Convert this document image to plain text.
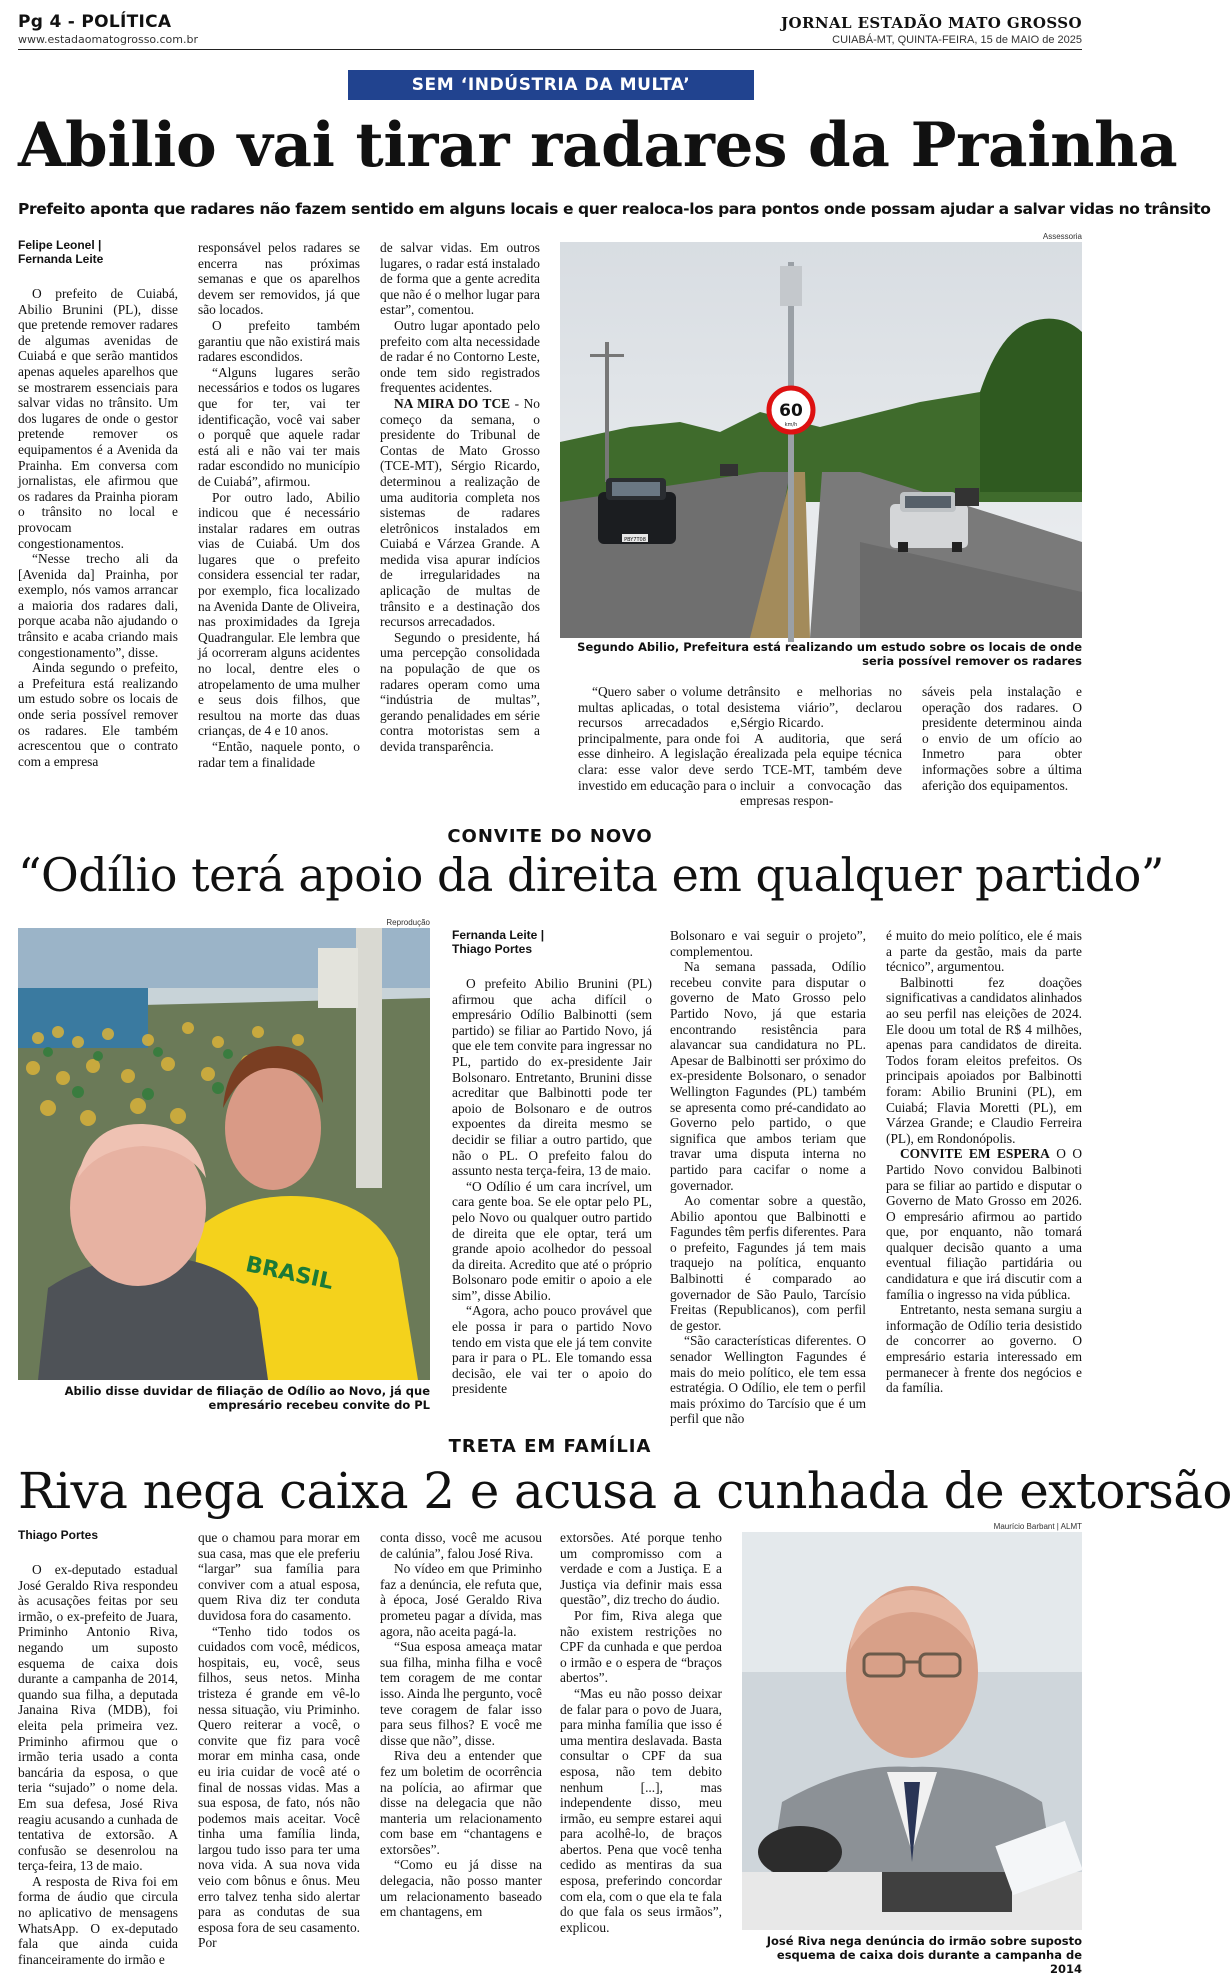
Pg 4 - POLÍTICA
www.estadaomatogrosso.com.br
JORNAL ESTADÃO MATO GROSSO
CUIABÁ-MT, QUINTA-FEIRA, 15 de MAIO de 2025
SEM ‘INDÚSTRIA DA MULTA’
Abilio vai tirar radares da Prainha
Prefeito aponta que radares não fazem sentido em alguns locais e quer realoca-los para pontos onde possam ajudar a salvar vidas no trânsito
Felipe Leonel |
Fernanda Leite

O prefeito de Cuiabá, Abilio Brunini (PL), disse que pretende remover radares de algumas avenidas de Cuiabá e que serão mantidos apenas aqueles aparelhos que se mostrarem essenciais para salvar vidas no trânsito. Um dos lugares de onde o gestor pretende remover os equipamentos é a Avenida da Prainha. Em conversa com jornalistas, ele afirmou que os radares da Prainha pioram o trânsito no local e provocam congestionamentos.

“Nesse trecho ali da [Avenida da] Prainha, por exemplo, nós vamos arrancar a maioria dos radares dali, porque acaba não ajudando o trânsito e acaba criando mais congestionamento”, disse.

Ainda segundo o prefeito, a Prefeitura está realizando um estudo sobre os locais de onde seria possível remover os radares. Ele também acrescentou que o contrato com a empresa

responsável pelos radares se encerra nas próximas semanas e que os aparelhos devem ser removidos, já que são locados.

O prefeito também garantiu que não existirá mais radares escondidos.

“Alguns lugares serão necessários e todos os lugares que for ter, vai ter identificação, você vai saber o porquê que aquele radar está ali e não vai ter mais radar escondido no município de Cuiabá”, afirmou.

Por outro lado, Abilio indicou que é necessário instalar radares em outras vias de Cuiabá. Um dos lugares que o prefeito considera essencial ter radar, por exemplo, fica localizado na Avenida Dante de Oliveira, nas proximidades da Igreja Quadrangular. Ele lembra que já ocorreram alguns acidentes no local, dentre eles o atropelamento de uma mulher e seus dois filhos, que resultou na morte das duas crianças, de 4 e 10 anos.

“Então, naquele ponto, o radar tem a finalidade

de salvar vidas. Em outros lugares, o radar está instalado de forma que a gente acredita que não é o melhor lugar para estar”, comentou.

Outro lugar apontado pelo prefeito com alta necessidade de radar é no Contorno Leste, onde tem sido registrados frequentes acidentes.

NA MIRA DO TCE - No começo da semana, o presidente do Tribunal de Contas de Mato Grosso (TCE-MT), Sérgio Ricardo, determinou a realização de uma auditoria completa nos sistemas de radares eletrônicos instalados em Cuiabá e Várzea Grande. A medida visa apurar indícios de irregularidades na aplicação de multas de trânsito e a destinação dos recursos arrecadados.

Segundo o presidente, há uma percepção consolidada na população de que os radares operam como uma “indústria de multas”, gerando penalidades em série contra motoristas sem a devida transparência.

Assessoria
60
km/h
PBY7T08
Segundo Abilio, Prefeitura está realizando um estudo sobre os locais de onde seria possível remover os radares

“Quero saber o volume de multas aplicadas, o total de recursos arrecadados e, principalmente, para onde foi esse dinheiro. A legislação é clara: esse valor deve ser investido em educação para o

trânsito e melhorias no sistema viário”, declarou Sérgio Ricardo.

A auditoria, que será realizada pela equipe técnica do TCE-MT, também deve incluir a convocação das empresas respon-

sáveis pela instalação e operação dos radares. O presidente determinou ainda o envio de um ofício ao Inmetro para obter informações sobre a última aferição dos equipamentos.

CONVITE DO NOVO
“Odílio terá apoio da direita em qualquer partido”
Reprodução
BRASIL
Abilio disse duvidar de filiação de Odílio ao Novo, já que empresário recebeu convite do PL
Fernanda Leite |
Thiago Portes

O prefeito Abilio Brunini (PL) afirmou que acha difícil o empresário Odílio Balbinotti (sem partido) se filiar ao Partido Novo, já que ele tem convite para ingressar no PL, partido do ex-presidente Jair Bolsonaro. Entretanto, Brunini disse acreditar que Balbinotti pode ter apoio de Bolsonaro e de outros expoentes da direita mesmo se decidir se filiar a outro partido, que não o PL. O prefeito falou do assunto nesta terça-feira, 13 de maio.

“O Odílio é um cara incrível, um cara gente boa. Se ele optar pelo PL, pelo Novo ou qualquer outro partido de direita que ele optar, terá um grande apoio acolhedor do pessoal da direita. Acredito que até o próprio Bolsonaro pode emitir o apoio a ele sim”, disse Abilio.

“Agora, acho pouco provável que ele possa ir para o partido Novo tendo em vista que ele já tem convite para ir para o PL. Ele tomando essa decisão, ele vai ter o apoio do presidente

Bolsonaro e vai seguir o projeto”, complementou.

Na semana passada, Odílio recebeu convite para disputar o governo de Mato Grosso pelo Partido Novo, já que estaria encontrando resistência para alavancar sua candidatura no PL. Apesar de Balbinotti ser próximo do ex-presidente Bolsonaro, o senador Wellington Fagundes (PL) também se apresenta como pré-candidato ao Governo pelo partido, o que significa que ambos teriam que travar uma disputa interna no partido para cacifar o nome a governador.

Ao comentar sobre a questão, Abilio apontou que Balbinotti e Fagundes têm perfis diferentes. Para o prefeito, Fagundes já tem mais traquejo na política, enquanto Balbinotti é comparado ao governador de São Paulo, Tarcísio Freitas (Republicanos), com perfil de gestor.

“São características diferentes. O senador Wellington Fagundes é mais do meio político, ele tem essa estratégia. O Odílio, ele tem o perfil mais próximo do Tarcísio que é um perfil que não

é muito do meio político, ele é mais a parte da gestão, mais da parte técnico”, argumentou.

Balbinotti fez doações significativas a candidatos alinhados ao seu perfil nas eleições de 2024. Ele doou um total de R$ 4 milhões, apenas para candidatos de direita. Todos foram eleitos prefeitos. Os principais apoiados por Balbinotti foram: Abilio Brunini (PL), em Cuiabá; Flavia Moretti (PL), em Várzea Grande; e Claudio Ferreira (PL), em Rondonópolis.

CONVITE EM ESPERA O O Partido Novo convidou Balbinoti para se filiar ao partido e disputar o Governo de Mato Grosso em 2026. O empresário afirmou ao partido que, por enquanto, não tomará qualquer decisão quanto a uma eventual filiação partidária ou candidatura e que irá discutir com a família o ingresso na vida pública.

Entretanto, nesta semana surgiu a informação de Odílio teria desistido de concorrer ao governo. O empresário estaria interessado em permanecer à frente dos negócios e da família.

TRETA EM FAMÍLIA
Riva nega caixa 2 e acusa a cunhada de extorsão
Thiago Portes

O ex-deputado estadual José Geraldo Riva respondeu às acusações feitas por seu irmão, o ex-prefeito de Juara, Priminho Antonio Riva, negando um suposto esquema de caixa dois durante a campanha de 2014, quando sua filha, a deputada Janaina Riva (MDB), foi eleita pela primeira vez. Priminho afirmou que o irmão teria usado a conta bancária da esposa, o que teria “sujado” o nome dela. Em sua defesa, José Riva reagiu acusando a cunhada de tentativa de extorsão. A confusão se desenrolou na terça-feira, 13 de maio.

A resposta de Riva foi em forma de áudio que circula no aplicativo de mensagens WhatsApp. O ex-deputado fala que ainda cuida financeiramente do irmão e

que o chamou para morar em sua casa, mas que ele preferiu “largar” sua família para conviver com a atual esposa, quem Riva diz ter conduta duvidosa fora do casamento.

“Tenho tido todos os cuidados com você, médicos, hospitais, eu, você, seus filhos, seus netos. Minha tristeza é grande em vê-lo nessa situação, viu Priminho. Quero reiterar a você, o convite que fiz para você morar em minha casa, onde eu iria cuidar de você até o final de nossas vidas. Mas a sua esposa, de fato, nós não podemos mais aceitar. Você tinha uma família linda, largou tudo isso para ter uma nova vida. A sua nova vida veio com bônus e ônus. Meu erro talvez tenha sido alertar para as condutas de sua esposa fora de seu casamento. Por

conta disso, você me acusou de calúnia”, falou José Riva.

No vídeo em que Priminho faz a denúncia, ele refuta que, à época, José Geraldo Riva prometeu pagar a dívida, mas agora, não aceita pagá-la.

“Sua esposa ameaça matar sua filha, minha filha e você tem coragem de me contar isso. Ainda lhe pergunto, você teve coragem de falar isso para seus filhos? E você me disse que não”, disse.

Riva deu a entender que fez um boletim de ocorrência na polícia, ao afirmar que disse na delegacia que não manteria um relacionamento com base em “chantagens e extorsões”.

“Como eu já disse na delegacia, não posso manter um relacionamento baseado em chantagens, em

extorsões. Até porque tenho um compromisso com a verdade e com a Justiça. E a Justiça via definir mais essa questão”, diz trecho do áudio.

Por fim, Riva alega que não existem restrições no CPF da cunhada e que perdoa o irmão e o espera de “braços abertos”.

“Mas eu não posso deixar de falar para o povo de Juara, para minha família que isso é uma mentira deslavada. Basta consultar o CPF da sua esposa, não tem debito nenhum [...], mas independente disso, meu irmão, eu sempre estarei aqui para acolhê-lo, de braços abertos. Pena que você tenha cedido as mentiras da sua esposa, preferindo concordar com ela, com o que ela te fala do que fala os seus irmãos”, explicou.

Maurício Barbant | ALMT
José Riva nega denúncia do irmão sobre suposto esquema de caixa dois durante a campanha de 2014
